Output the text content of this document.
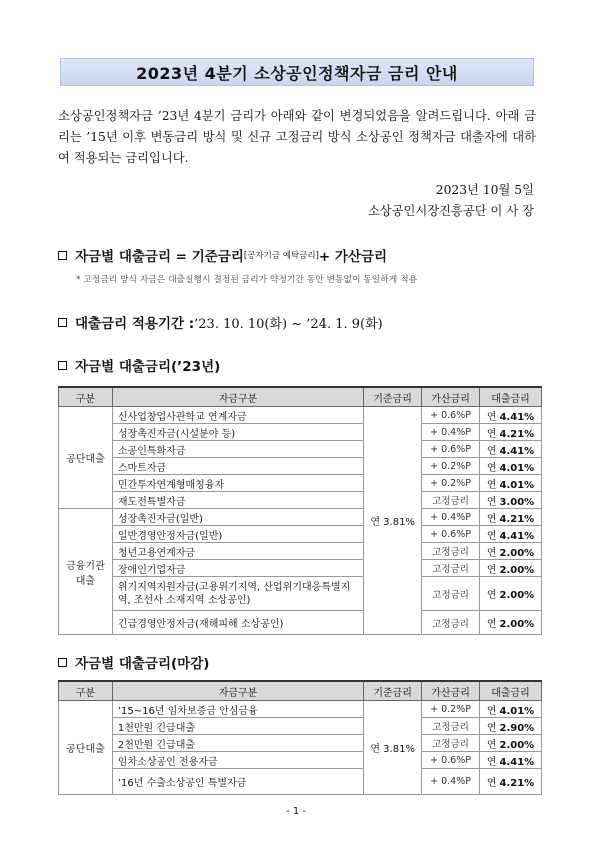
2023년 4분기 소상공인정책자금 금리 안내
소상공인정책자금 ’23년 4분기 금리가 아래와 같이 변경되었음을 알려드립니다. 아래 금리는 ’15년 이후 변동금리 방식 및 신규 고정금리 방식 소상공인 정책자금 대출자에 대하여 적용되는 금리입니다.
2023년 10월 5일
소상공인시장진흥공단 이 사 장
자금별 대출금리 = 기준금리 [공자기금 예탁금리] + 가산금리
* 고정금리 방식 자금은 대출실행시 결정된 금리가 약정기간 동안 변동없이 동일하게 적용
대출금리 적용기간 : ’23. 10. 10(화) ~ ’24. 1. 9(화)
자금별 대출금리(’23년)
구분	자금구분	기준금리	가산금리	대출금리
공단대출	신사업창업사관학교 연계자금	연 3.81%	+ 0.6%P	연 4.41%
	성장촉진자금(시설분야 등)		+ 0.4%P	연 4.21%
	소공인특화자금		+ 0.6%P	연 4.41%
	스마트자금		+ 0.2%P	연 4.01%
	민간투자연계형매칭융자		+ 0.2%P	연 4.01%
	재도전특별자금		고정금리	연 3.00%
금융기관 대출	성장촉진자금(일반)		+ 0.4%P	연 4.21%
	일반경영안정자금(일반)		+ 0.6%P	연 4.41%
	청년고용연계자금		고정금리	연 2.00%
	장애인기업자금		고정금리	연 2.00%
	위기지역지원자금(고용위기지역, 산업위기대응특별지역, 조선사 소재지역 소상공인)		고정금리	연 2.00%
	긴급경영안정자금(재해피해 소상공인)		고정금리	연 2.00%
자금별 대출금리(마감)
구분	자금구분	기준금리	가산금리	대출금리
공단대출	’15~16년 임차보증금 안심금융	연 3.81%	+ 0.2%P	연 4.01%
	1천만원 긴급대출		고정금리	연 2.90%
	2천만원 긴급대출		고정금리	연 2.00%
	임차소상공인 전용자금		+ 0.6%P	연 4.41%
	’16년 수출소상공인 특별자금		+ 0.4%P	연 4.21%
- 1 -
